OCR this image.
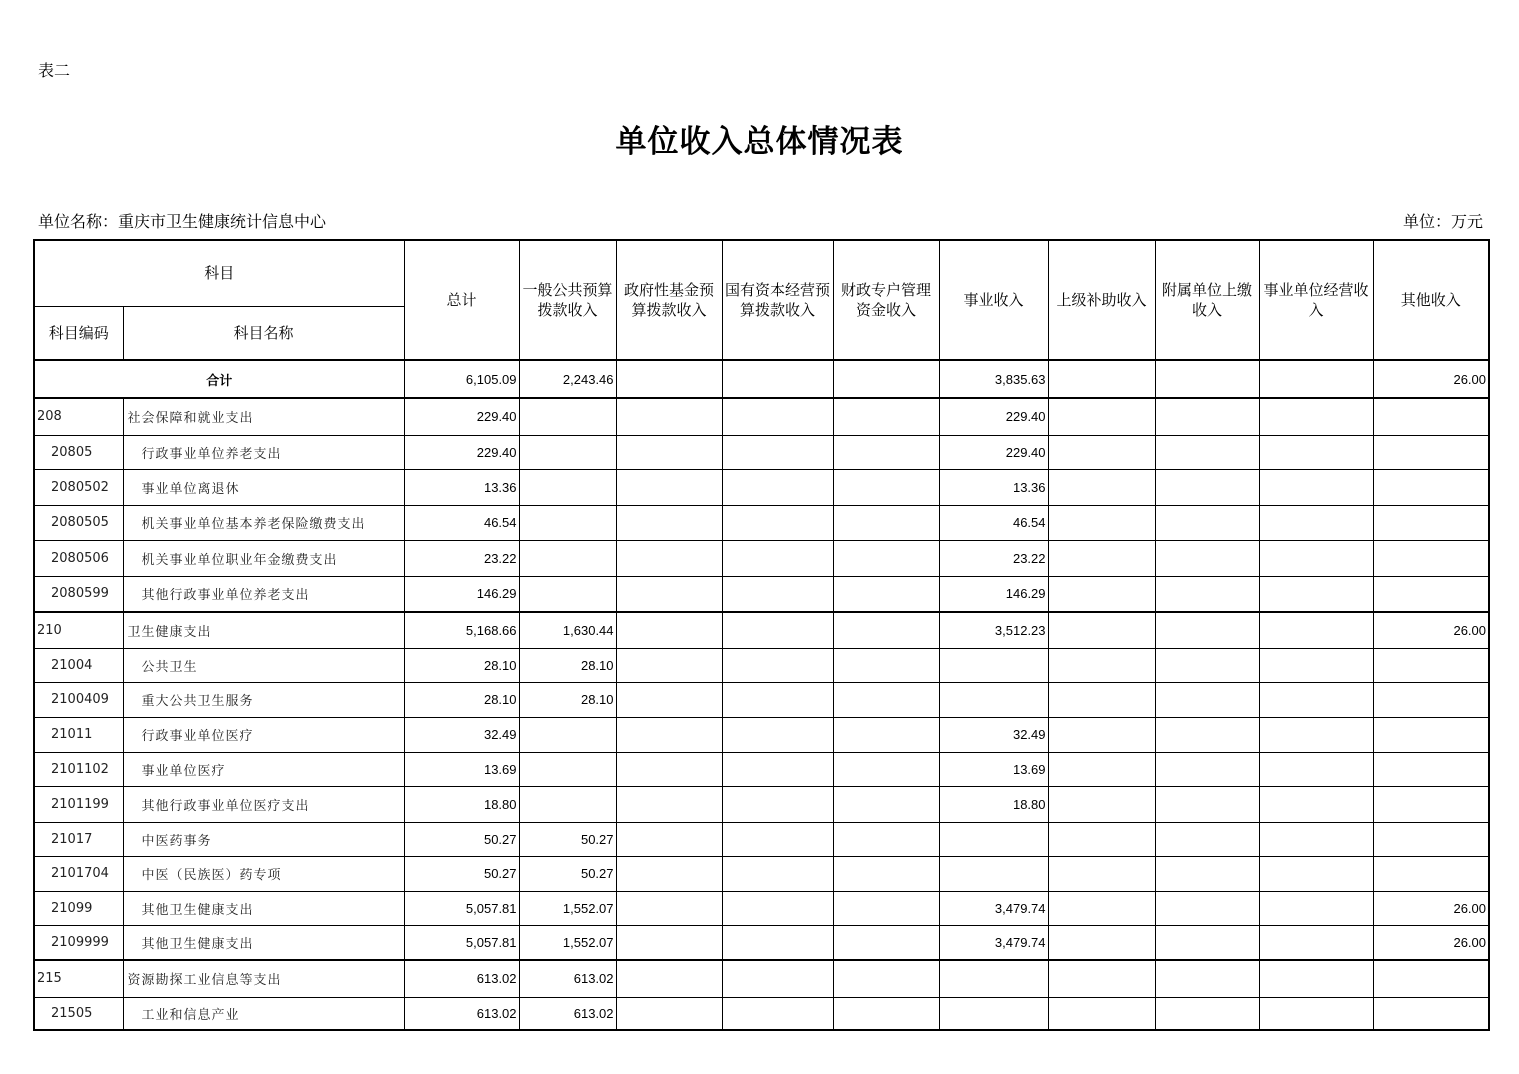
表二
单位收入总体情况表
单位名称：重庆市卫生健康统计信息中心	单位：万元
科目		总计	一般公共预算拨款收入	政府性基金预算拨款收入	国有资本经营预算拨款收入	财政专户管理资金收入	事业收入	上级补助收入	附属单位上缴收入	事业单位经营收入	其他收入
科目编码	科目名称										
合计		6,105.09	2,243.46				3,835.63				26.00
208	社会保障和就业支出	229.40					229.40				
20805	行政事业单位养老支出	229.40					229.40				
2080502	事业单位离退休	13.36					13.36				
2080505	机关事业单位基本养老保险缴费支出	46.54					46.54				
2080506	机关事业单位职业年金缴费支出	23.22					23.22				
2080599	其他行政事业单位养老支出	146.29					146.29				
210	卫生健康支出	5,168.66	1,630.44				3,512.23				26.00
21004	公共卫生	28.10	28.10								
2100409	重大公共卫生服务	28.10	28.10								
21011	行政事业单位医疗	32.49					32.49				
2101102	事业单位医疗	13.69					13.69				
2101199	其他行政事业单位医疗支出	18.80					18.80				
21017	中医药事务	50.27	50.27								
2101704	中医（民族医）药专项	50.27	50.27								
21099	其他卫生健康支出	5,057.81	1,552.07				3,479.74				26.00
2109999	其他卫生健康支出	5,057.81	1,552.07				3,479.74				26.00
215	资源勘探工业信息等支出	613.02	613.02								
21505	工业和信息产业	613.02	613.02								
